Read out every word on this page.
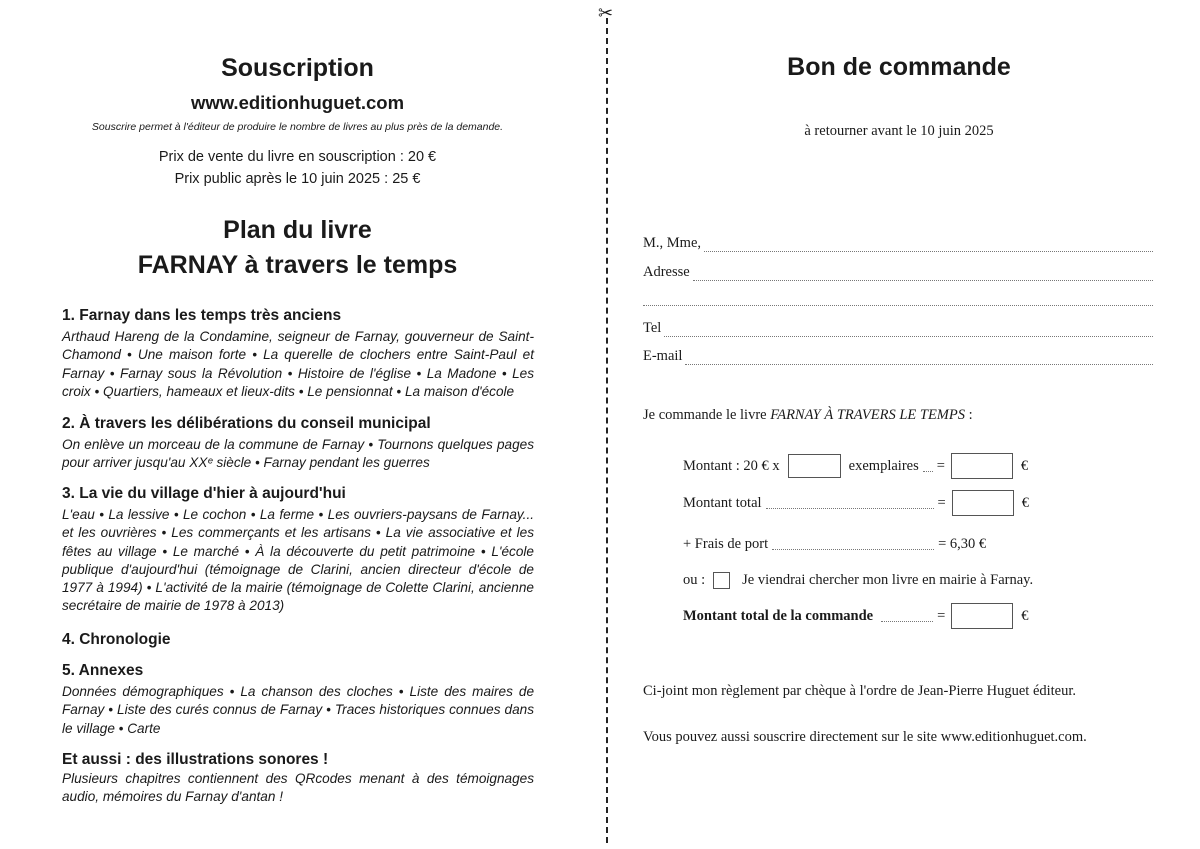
Souscription
www.editionhuguet.com
Souscrire permet à l'éditeur de produire le nombre de livres au plus près de la demande.
Prix de vente du livre en souscription : 20 €
Prix public après le 10 juin 2025 : 25 €
Plan du livre
FARNAY à travers le temps
1. Farnay dans les temps très anciens

Arthaud Hareng de la Condamine, seigneur de Farnay, gouverneur de Saint-Chamond • Une maison forte • La querelle de clochers entre Saint-Paul et Farnay • Farnay sous la Révolution • Histoire de l'église • La Madone • Les croix • Quartiers, hameaux et lieux-dits • Le pensionnat • La maison d'école

2. À travers les délibérations du conseil municipal

On enlève un morceau de la commune de Farnay • Tournons quelques pages pour arriver jusqu'au XXᵉ siècle • Farnay pendant les guerres

3. La vie du village d'hier à aujourd'hui

L'eau • La lessive • Le cochon • La ferme • Les ouvriers-paysans de Farnay... et les ouvrières • Les commerçants et les artisans • La vie associative et les fêtes au village • Le marché • À la découverte du petit patrimoine • L'école publique d'aujourd'hui (témoignage de Clarini, ancien directeur d'école de 1977 à 1994) • L'activité de la mairie (témoignage de Colette Clarini, ancienne secrétaire de mairie de 1978 à 2013)

4. Chronologie
5. Annexes

Données démographiques • La chanson des cloches • Liste des maires de Farnay • Liste des curés connus de Farnay • Traces historiques connues dans le village • Carte

Et aussi : des illustrations sonores !

Plusieurs chapitres contiennent des QRcodes menant à des témoignages audio, mémoires du Farnay d'antan !

✂
Bon de commande
à retourner avant le 10 juin 2025
M., Mme,
Adresse
Tel
E-mail
Je commande le livre FARNAY À TRAVERS LE TEMPS :
Montant : 20 € x	exemplaires =	€
Montant total	=	€
+ Frais de port	= 6,30 €
ou :	Je viendrai chercher mon livre en mairie à Farnay.
Montant total de la commande	=	€
Ci-joint mon règlement par chèque à l'ordre de Jean-Pierre Huguet éditeur.
Vous pouvez aussi souscrire directement sur le site www.editionhuguet.com.
